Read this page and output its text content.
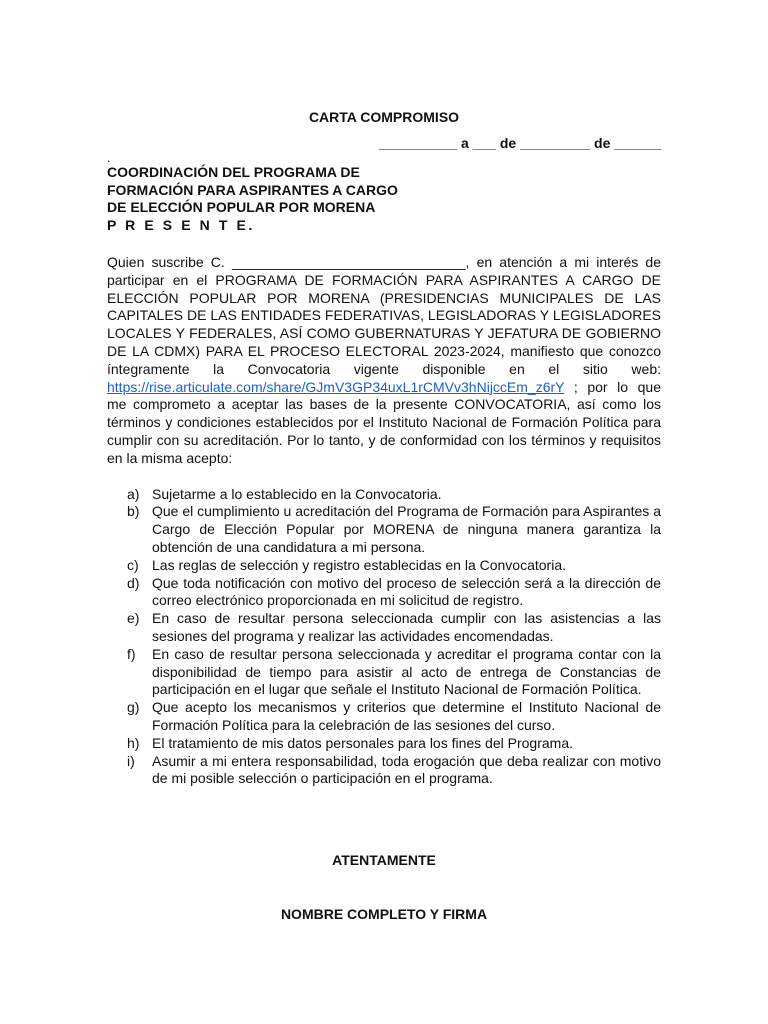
CARTA COMPROMISO
__________ a ___ de _________ de ______
.
COORDINACIÓN DEL PROGRAMA DE
FORMACIÓN PARA ASPIRANTES A CARGO
DE ELECCIÓN POPULAR POR MORENA
P R E S E N T E.
Quien suscribe C. ______________________________, en atención a mi interés de participar en el PROGRAMA DE FORMACIÓN PARA ASPIRANTES A CARGO DE ELECCIÓN POPULAR POR MORENA (PRESIDENCIAS MUNICIPALES DE LAS CAPITALES DE LAS ENTIDADES FEDERATIVAS, LEGISLADORAS Y LEGISLADORES LOCALES Y FEDERALES, ASÍ COMO GUBERNATURAS Y JEFATURA DE GOBIERNO DE LA CDMX) PARA EL PROCESO ELECTORAL 2023-2024, manifiesto que conozco íntegramente la Convocatoria vigente disponible en el sitio web: https://rise.articulate.com/share/GJmV3GP34uxL1rCMVv3hNijccEm_z6rY ; por lo que me comprometo a aceptar las bases de la presente CONVOCATORIA, así como los términos y condiciones establecidos por el Instituto Nacional de Formación Política para cumplir con su acreditación. Por lo tanto, y de conformidad con los términos y requisitos en la misma acepto:
a) Sujetarme a lo establecido en la Convocatoria.
b) Que el cumplimiento u acreditación del Programa de Formación para Aspirantes a Cargo de Elección Popular por MORENA de ninguna manera garantiza la obtención de una candidatura a mi persona.
c) Las reglas de selección y registro establecidas en la Convocatoria.
d) Que toda notificación con motivo del proceso de selección será a la dirección de correo electrónico proporcionada en mi solicitud de registro.
e) En caso de resultar persona seleccionada cumplir con las asistencias a las sesiones del programa y realizar las actividades encomendadas.
f)	En caso de resultar persona seleccionada y acreditar el programa contar con la disponibilidad de tiempo para asistir al acto de entrega de Constancias de participación en el lugar que señale el Instituto Nacional de Formación Política.
g) Que acepto los mecanismos y criterios que determine el Instituto Nacional de Formación Política para la celebración de las sesiones del curso.
h) El tratamiento de mis datos personales para los fines del Programa.
i)	Asumir a mi entera responsabilidad, toda erogación que deba realizar con motivo de mi posible selección o participación en el programa.
ATENTAMENTE
NOMBRE COMPLETO Y FIRMA
